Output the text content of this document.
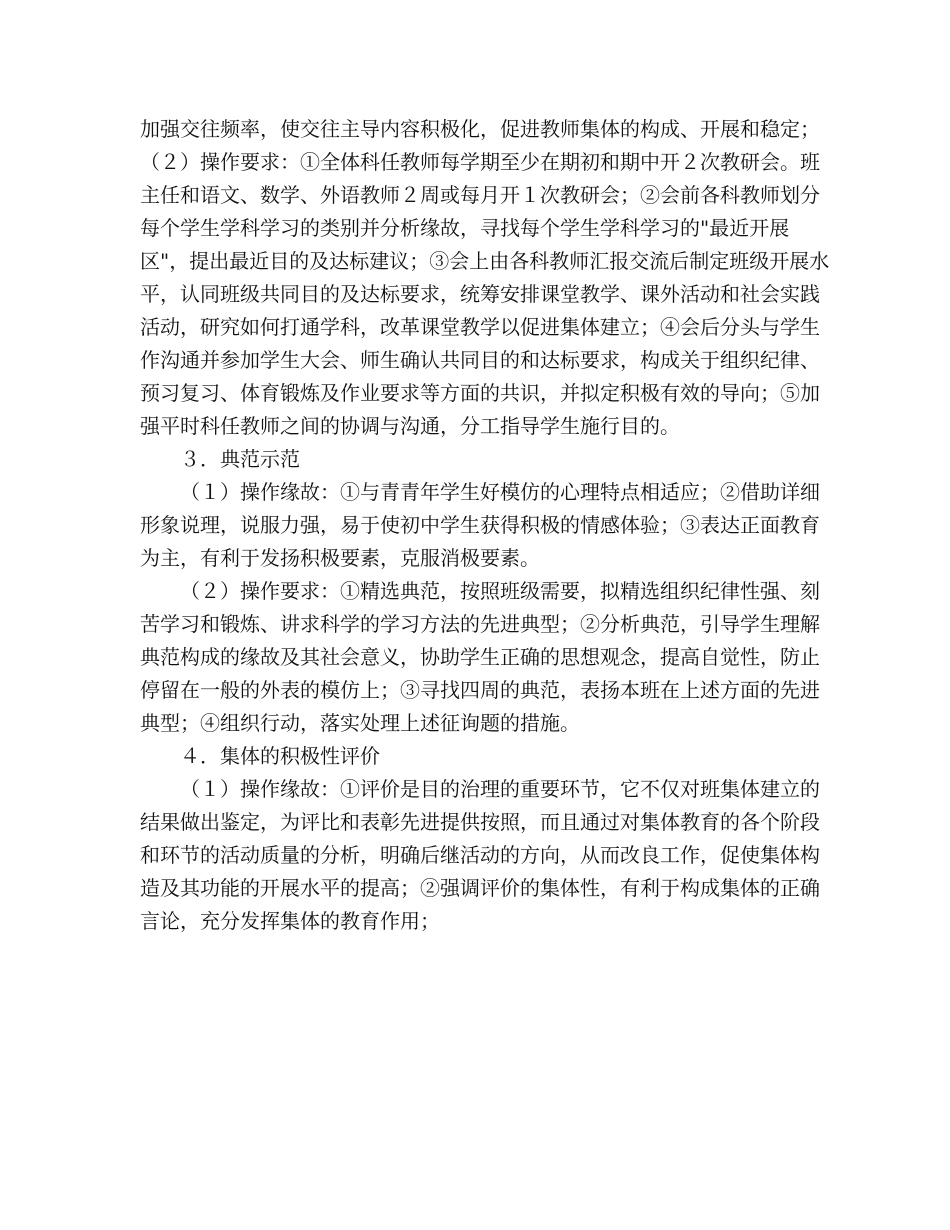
加强交往频率，使交往主导内容积极化，促进教师集体的构成、开展和稳定；（２）操作要求：①全体科任教师每学期至少在期初和期中开２次教研会。班主任和语文、数学、外语教师２周或每月开１次教研会；②会前各科教师划分每个学生学科学习的类别并分析缘故，寻找每个学生学科学习的"最近开展区"，提出最近目的及达标建议；③会上由各科教师汇报交流后制定班级开展水平，认同班级共同目的及达标要求，统筹安排课堂教学、课外活动和社会实践活动，研究如何打通学科，改革课堂教学以促进集体建立；④会后分头与学生作沟通并参加学生大会、师生确认共同目的和达标要求，构成关于组织纪律、预习复习、体育锻炼及作业要求等方面的共识，并拟定积极有效的导向；⑤加强平时科任教师之间的协调与沟通，分工指导学生施行目的。

３．典范示范

（１）操作缘故：①与青青年学生好模仿的心理特点相适应；②借助详细形象说理，说服力强，易于使初中学生获得积极的情感体验；③表达正面教育为主，有利于发扬积极要素，克服消极要素。

（２）操作要求：①精选典范，按照班级需要，拟精选组织纪律性强、刻苦学习和锻炼、讲求科学的学习方法的先进典型；②分析典范，引导学生理解典范构成的缘故及其社会意义，协助学生正确的思想观念，提高自觉性，防止停留在一般的外表的模仿上；③寻找四周的典范，表扬本班在上述方面的先进典型；④组织行动，落实处理上述征询题的措施。

４．集体的积极性评价

（１）操作缘故：①评价是目的治理的重要环节，它不仅对班集体建立的结果做出鉴定，为评比和表彰先进提供按照，而且通过对集体教育的各个阶段和环节的活动质量的分析，明确后继活动的方向，从而改良工作，促使集体构造及其功能的开展水平的提高；②强调评价的集体性，有利于构成集体的正确言论，充分发挥集体的教育作用；
